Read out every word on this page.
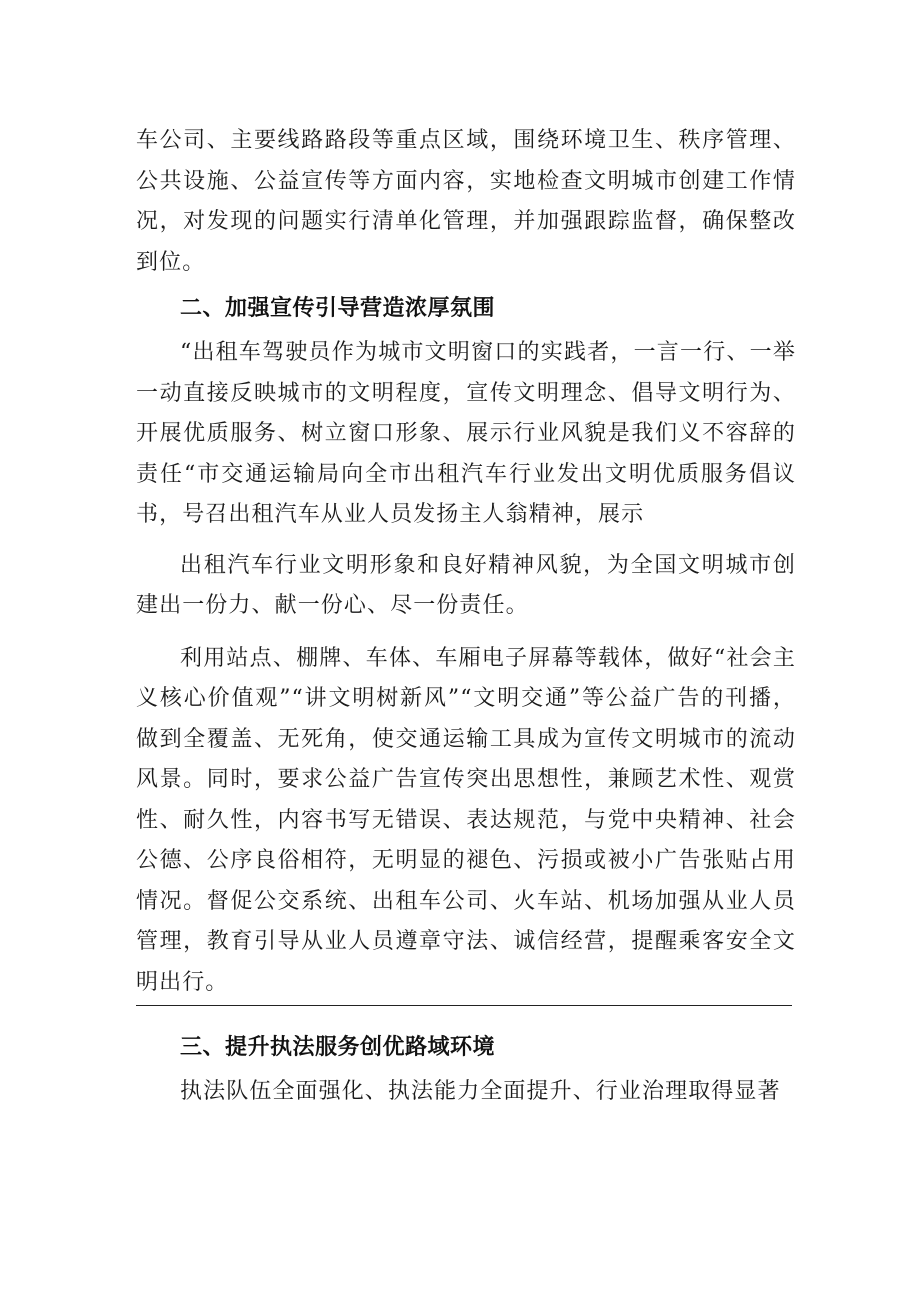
车公司、主要线路路段等重点区域，围绕环境卫生、秩序管理、公共设施、公益宣传等方面内容，实地检查文明城市创建工作情况，对发现的问题实行清单化管理，并加强跟踪监督，确保整改到位。

二、加强宣传引导营造浓厚氛围

“出租车驾驶员作为城市文明窗口的实践者，一言一行、一举一动直接反映城市的文明程度，宣传文明理念、倡导文明行为、开展优质服务、树立窗口形象、展示行业风貌是我们义不容辞的责任“市交通运输局向全市出租汽车行业发出文明优质服务倡议书，号召出租汽车从业人员发扬主人翁精神，展示

出租汽车行业文明形象和良好精神风貌，为全国文明城市创建出一份力、献一份心、尽一份责任。

利用站点、棚牌、车体、车厢电子屏幕等载体，做好“社会主义核心价值观”“讲文明树新风”“文明交通”等公益广告的刊播，做到全覆盖、无死角，使交通运输工具成为宣传文明城市的流动风景。同时，要求公益广告宣传突出思想性，兼顾艺术性、观赏性、耐久性，内容书写无错误、表达规范，与党中央精神、社会公德、公序良俗相符，无明显的褪色、污损或被小广告张贴占用情况。督促公交系统、出租车公司、火车站、机场加强从业人员管理，教育引导从业人员遵章守法、诚信经营，提醒乘客安全文明出行。

三、提升执法服务创优路域环境

执法队伍全面强化、执法能力全面提升、行业治理取得显著
